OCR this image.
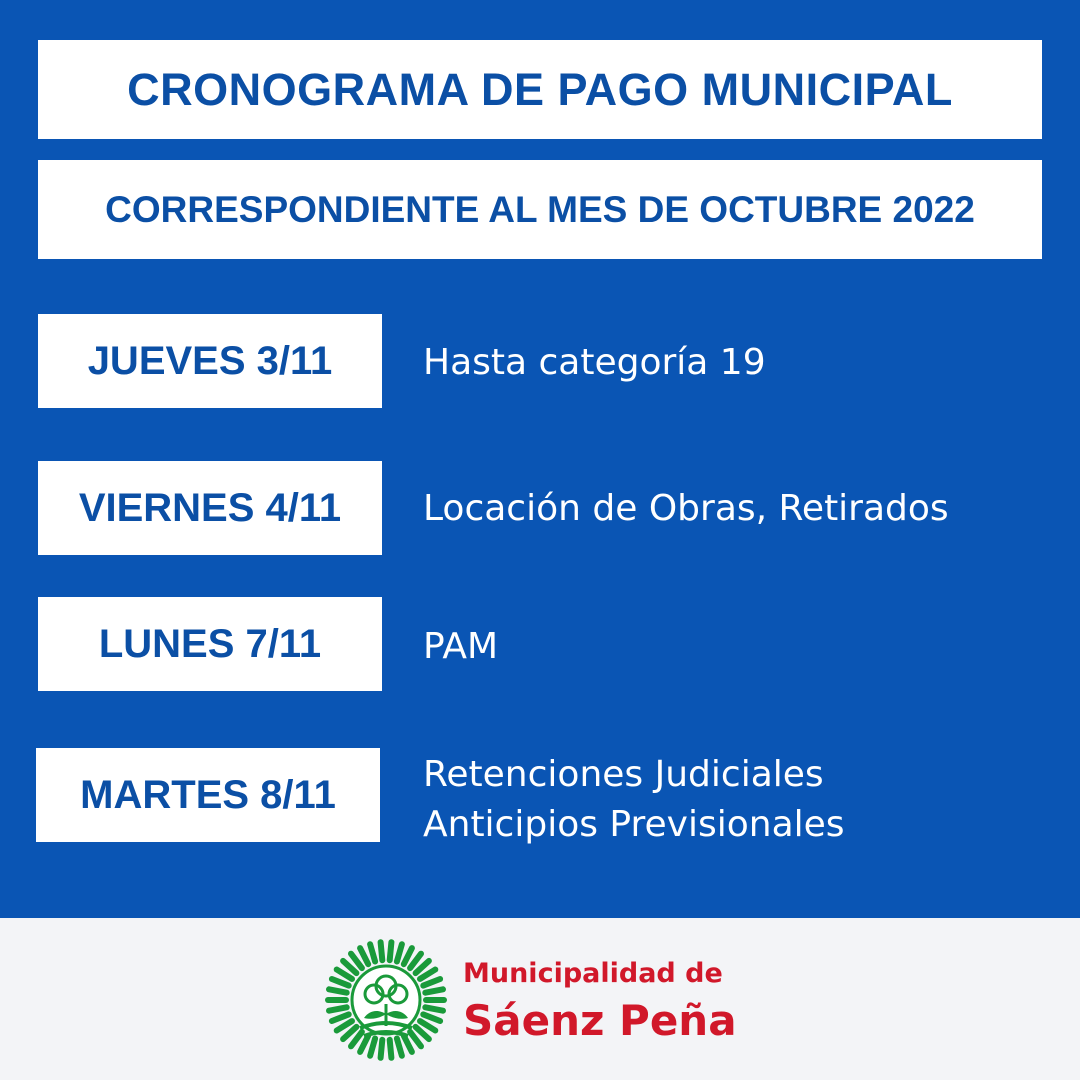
CRONOGRAMA DE PAGO MUNICIPAL
CORRESPONDIENTE AL MES DE OCTUBRE 2022
JUEVES 3/11	Hasta categoría 19
VIERNES 4/11	Locación de Obras, Retirados
LUNES 7/11	PAM
MARTES 8/11	Retenciones Judiciales
Anticipios Previsionales
Municipalidad de
Sáenz Peña
